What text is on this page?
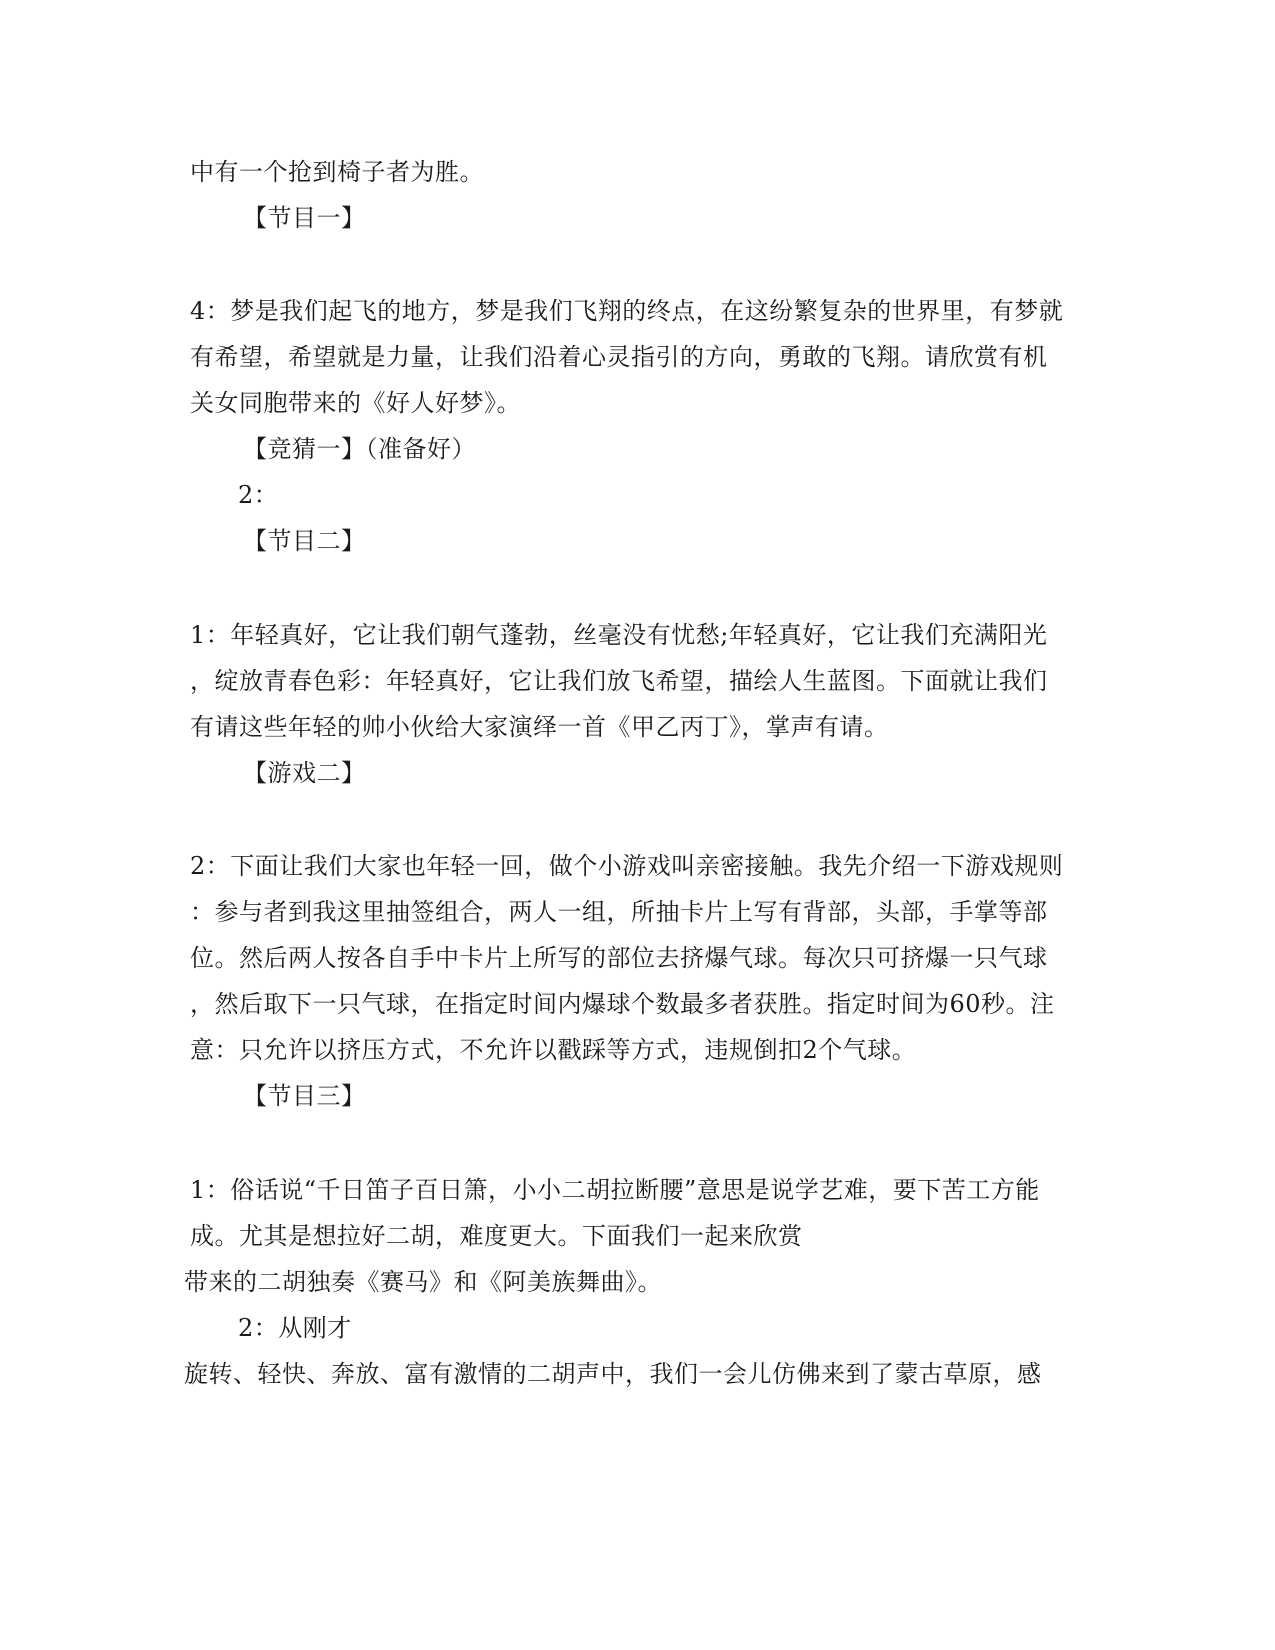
中有一个抢到椅子者为胜。
【节目一】
4：梦是我们起飞的地方，梦是我们飞翔的终点，在这纷繁复杂的世界里，有梦就
有希望，希望就是力量，让我们沿着心灵指引的方向，勇敢的飞翔。请欣赏有机
关女同胞带来的《好人好梦》。
【竞猜一】（准备好）
2：
【节目二】
1：年轻真好，它让我们朝气蓬勃，丝毫没有忧愁;年轻真好，它让我们充满阳光
，绽放青春色彩：年轻真好，它让我们放飞希望，描绘人生蓝图。下面就让我们
有请这些年轻的帅小伙给大家演绎一首《甲乙丙丁》，掌声有请。
【游戏二】
2：下面让我们大家也年轻一回，做个小游戏叫亲密接触。我先介绍一下游戏规则
：参与者到我这里抽签组合，两人一组，所抽卡片上写有背部，头部，手掌等部
位。然后两人按各自手中卡片上所写的部位去挤爆气球。每次只可挤爆一只气球
，然后取下一只气球，在指定时间内爆球个数最多者获胜。指定时间为60秒。注
意：只允许以挤压方式，不允许以戳踩等方式，违规倒扣2个气球。
【节目三】
1：俗话说“千日笛子百日箫，小小二胡拉断腰”意思是说学艺难，要下苦工方能
成。尤其是想拉好二胡，难度更大。下面我们一起来欣赏
带来的二胡独奏《赛马》和《阿美族舞曲》。
2：从刚才
旋转、轻快、奔放、富有激情的二胡声中，我们一会儿仿佛来到了蒙古草原，感
